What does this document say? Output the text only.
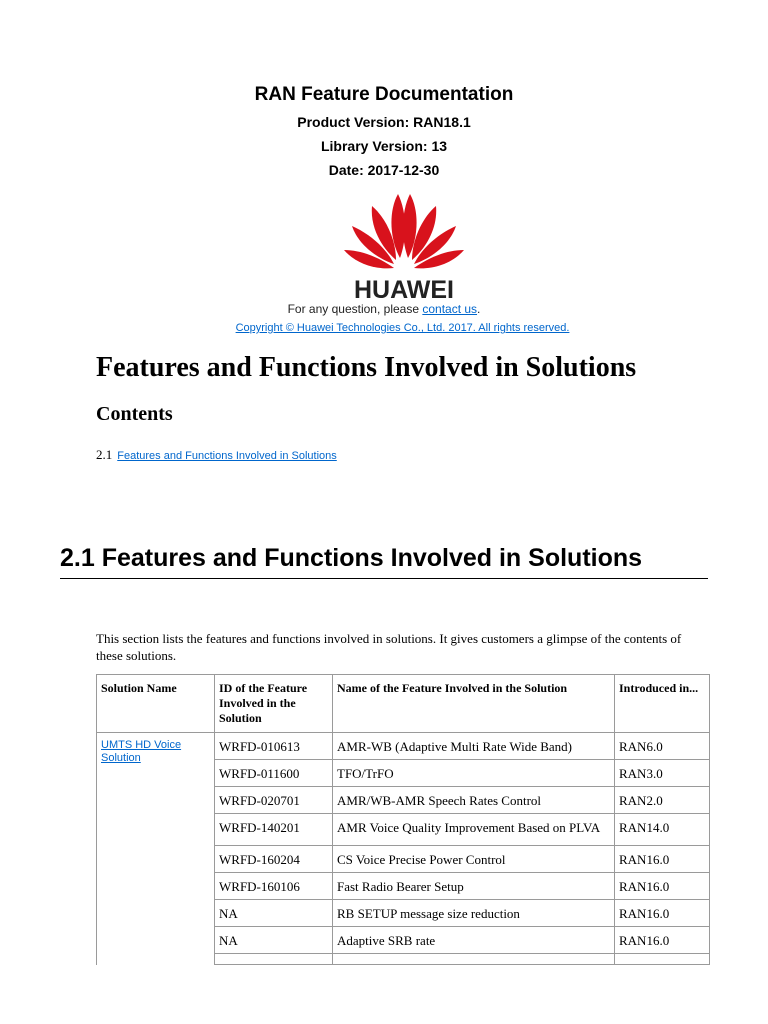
RAN Feature Documentation
Product Version: RAN18.1
Library Version: 13
Date: 2017-12-30
HUAWEI
For any question, please contact us.
Copyright © Huawei Technologies Co., Ltd. 2017. All rights reserved.
Features and Functions Involved in Solutions
Contents
2.1 Features and Functions Involved in Solutions
2.1 Features and Functions Involved in Solutions

This section lists the features and functions involved in solutions. It gives customers a glimpse of the contents of these solutions.

Solution Name	ID of the Feature Involved in the Solution	Name of the Feature Involved in the Solution	Introduced in...

UMTS HD Voice Solution	WRFD-010613	AMR-WB (Adaptive Multi Rate Wide Band)	RAN6.0
	WRFD-011600	TFO/TrFO	RAN3.0
	WRFD-020701	AMR/WB-AMR Speech Rates Control	RAN2.0
	WRFD-140201	AMR Voice Quality Improvement Based on PLVA	RAN14.0
	WRFD-160204	CS Voice Precise Power Control	RAN16.0
	WRFD-160106	Fast Radio Bearer Setup	RAN16.0
	NA	RB SETUP message size reduction	RAN16.0
	NA	Adaptive SRB rate	RAN16.0
